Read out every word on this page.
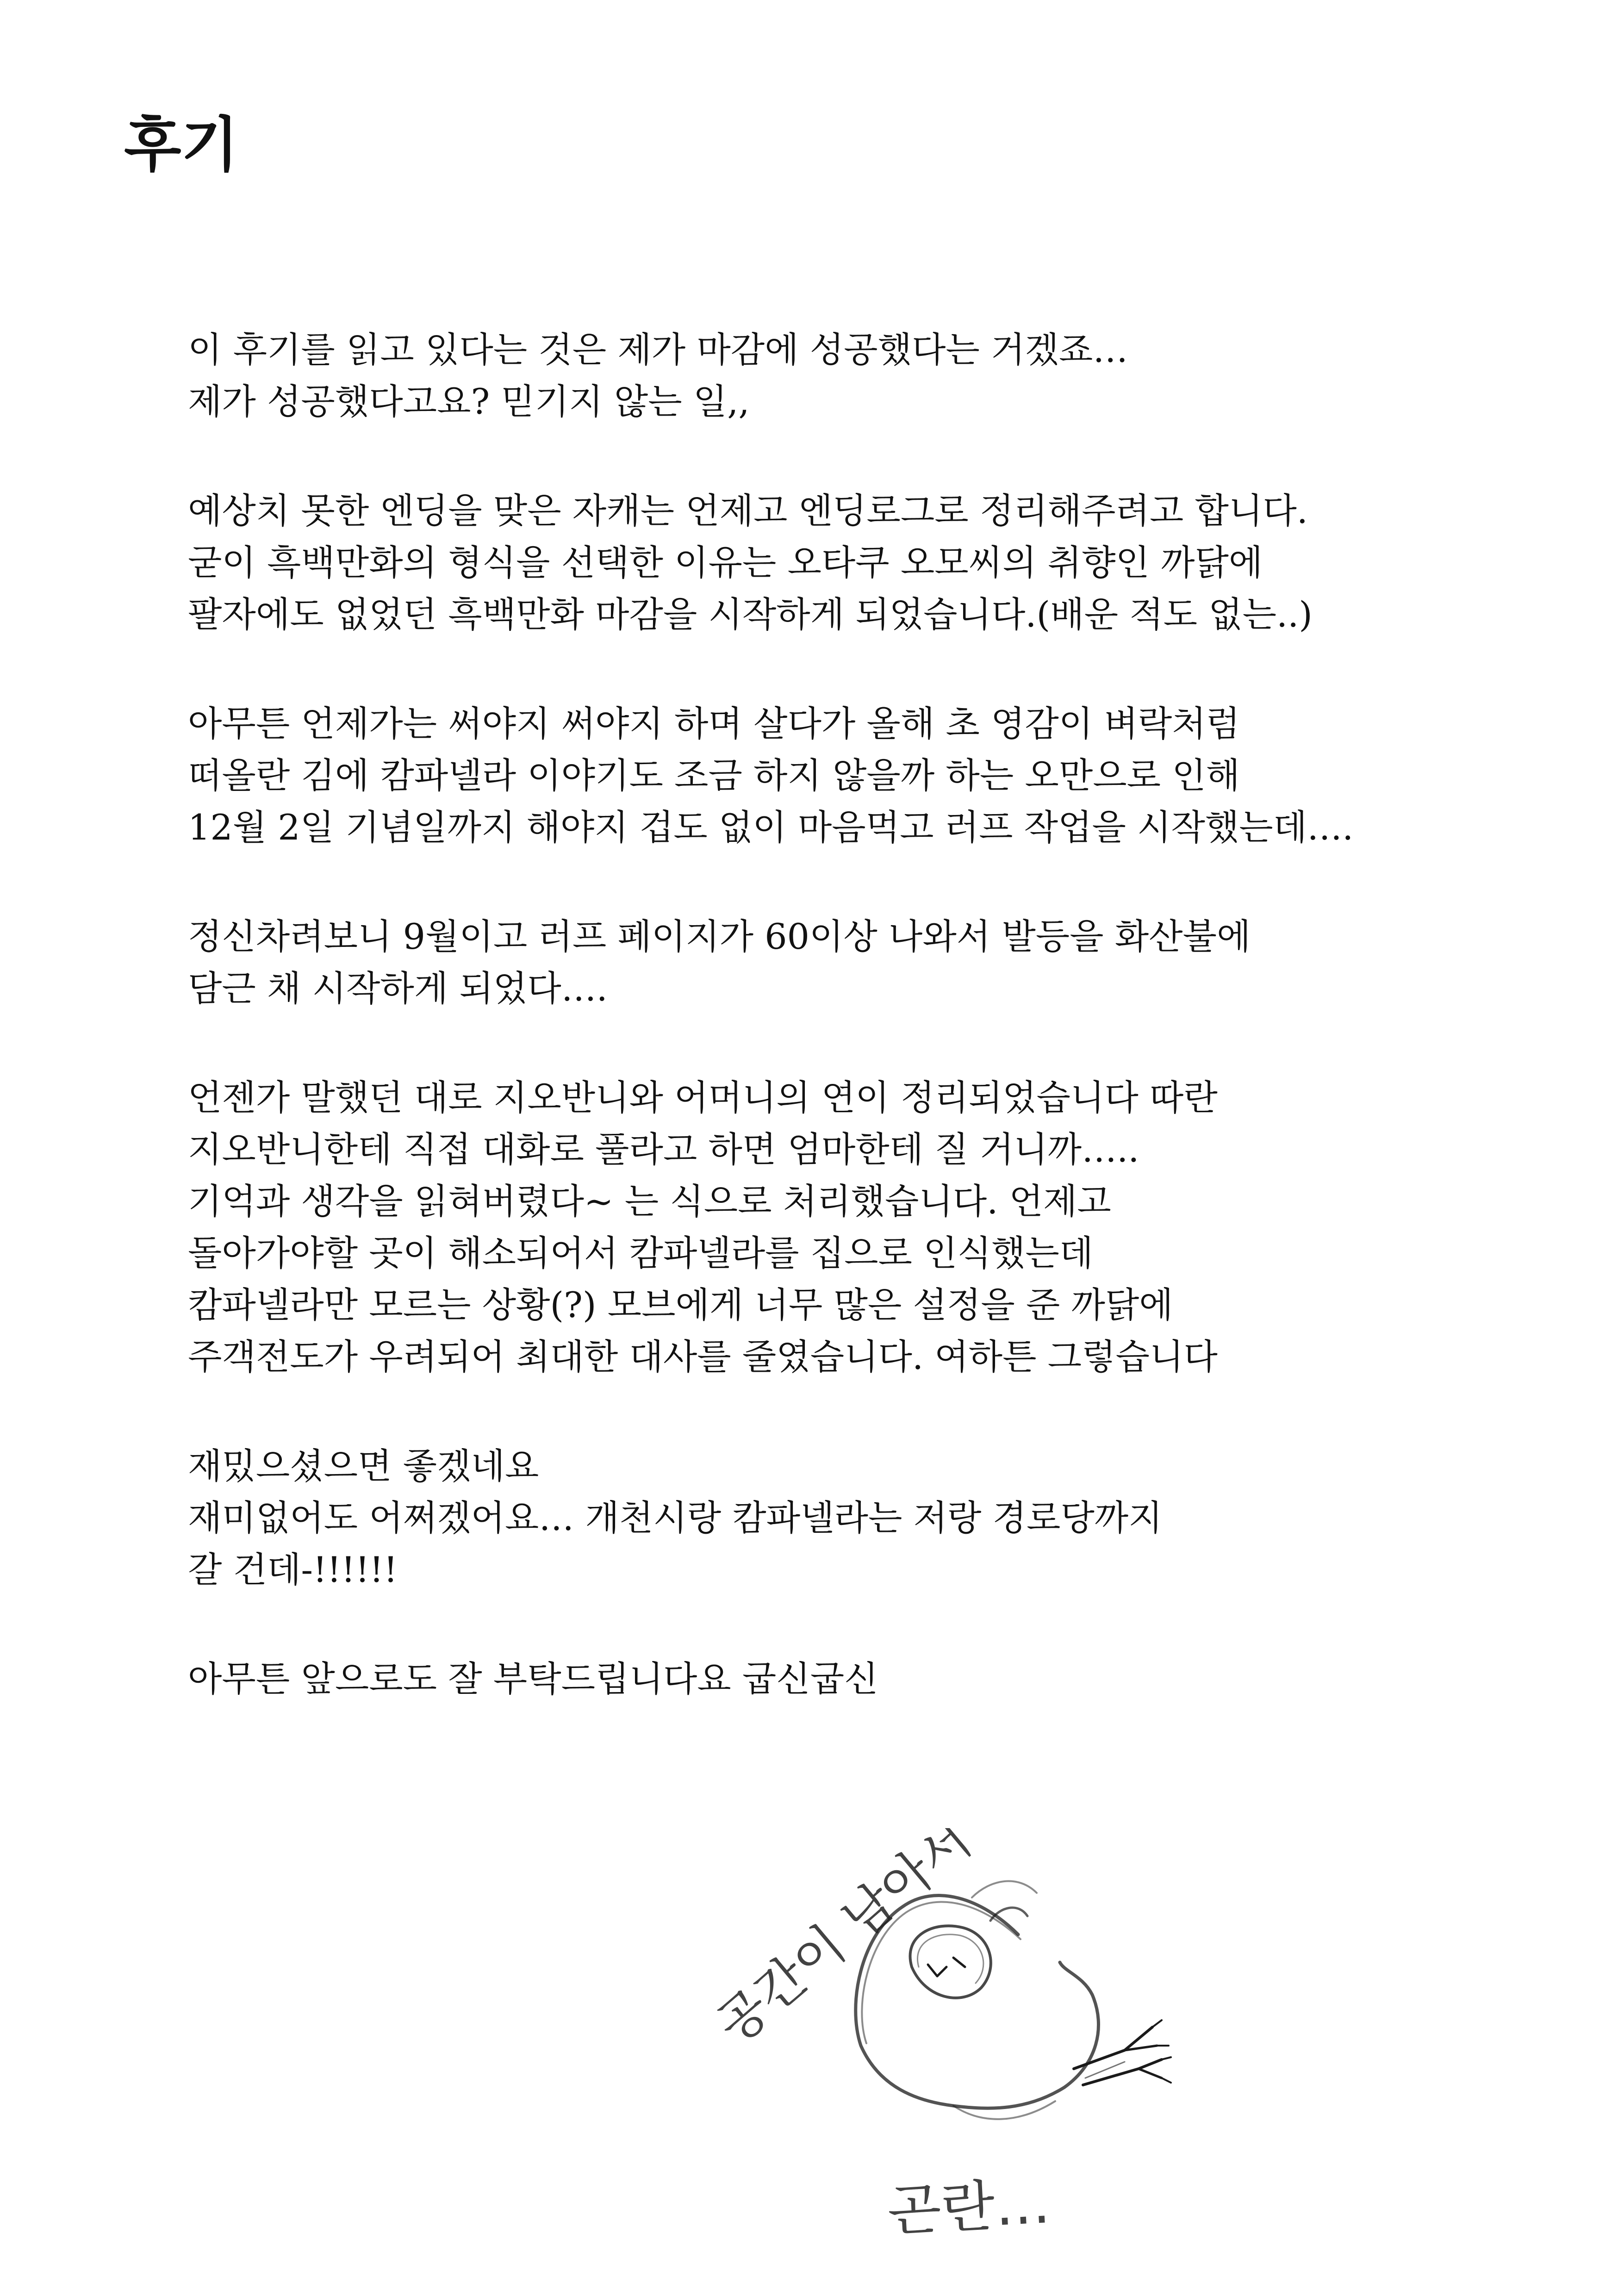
후기
이 후기를 읽고 있다는 것은 제가 마감에 성공했다는 거겠죠…
제가 성공했다고요? 믿기지 않는 일,,
예상치 못한 엔딩을 맞은 자캐는 언제고 엔딩로그로 정리해주려고 합니다.
굳이 흑백만화의 형식을 선택한 이유는 오타쿠 오모씨의 취향인 까닭에
팔자에도 없었던 흑백만화 마감을 시작하게 되었습니다.(배운 적도 없는..)
아무튼 언제가는 써야지 써야지 하며 살다가 올해 초 영감이 벼락처럼
떠올란 김에 캄파넬라 이야기도 조금 하지 않을까 하는 오만으로 인해
12월 2일 기념일까지 해야지 겁도 없이 마음먹고 러프 작업을 시작했는데….
정신차려보니 9월이고 러프 페이지가 60이상 나와서 발등을 화산불에
담근 채 시작하게 되었다….
언젠가 말했던 대로 지오반니와 어머니의 연이 정리되었습니다 따란
지오반니한테 직접 대화로 풀라고 하면 엄마한테 질 거니까…..
기억과 생각을 읽혀버렸다~ 는 식으로 처리했습니다. 언제고
돌아가야할 곳이 해소되어서 캄파넬라를 집으로 인식했는데
캄파넬라만 모르는 상황(?) 모브에게 너무 많은 설정을 준 까닭에
주객전도가 우려되어 최대한 대사를 줄였습니다. 여하튼 그렇습니다
재밌으셨으면 좋겠네요
재미없어도 어쩌겠어요… 개천시랑 캄파넬라는 저랑 경로당까지
갈 건데-!!!!!!
아무튼 앞으로도 잘 부탁드립니다요 굽신굽신
공간이 남아서
곤란…
